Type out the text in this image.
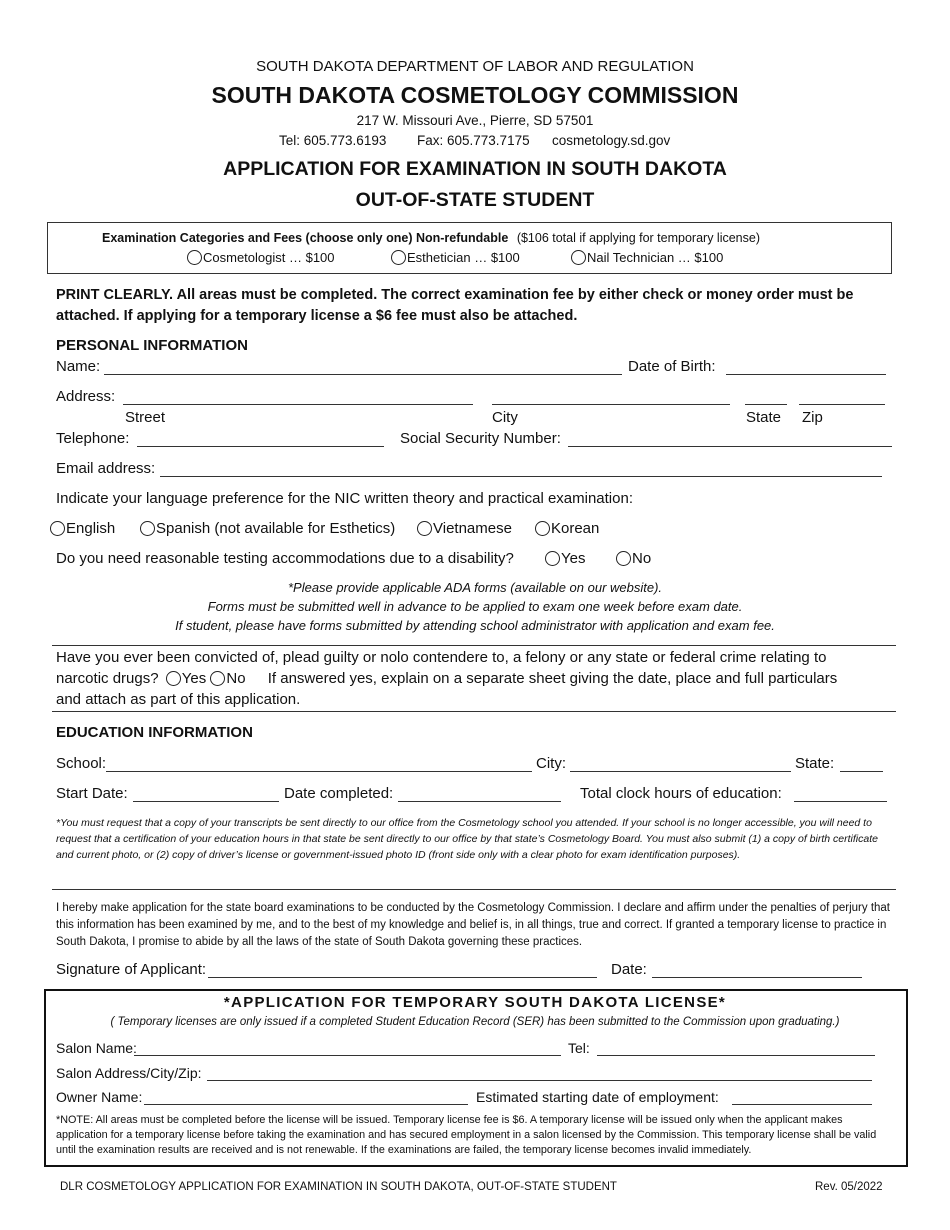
SOUTH DAKOTA DEPARTMENT OF LABOR AND REGULATION
SOUTH DAKOTA COSMETOLOGY COMMISSION
217 W. Missouri Ave., Pierre, SD 57501
Tel: 605.773.6193 Fax: 605.773.7175 cosmetology.sd.gov
APPLICATION FOR EXAMINATION IN SOUTH DAKOTA
OUT-OF-STATE STUDENT
Examination Categories and Fees (choose only one) Non-refundable ($106 total if applying for temporary license)
Cosmetologist … $100	Esthetician … $100	Nail Technician … $100
PRINT CLEARLY. All areas must be completed. The correct examination fee by either check or money order must be
attached. If applying for a temporary license a $6 fee must also be attached.
PERSONAL INFORMATION
Name:	Date of Birth:
Address:
Street	City	State Zip
Telephone:	Social Security Number:
Email address:
Indicate your language preference for the NIC written theory and practical examination:
English	Spanish (not available for Esthetics)	Vietnamese	Korean
Do you need reasonable testing accommodations due to a disability?	Yes	No
*Please provide applicable ADA forms (available on our website).
Forms must be submitted well in advance to be applied to exam one week before exam date.
If student, please have forms submitted by attending school administrator with application and exam fee.
Have you ever been convicted of, plead guilty or nolo contendere to, a felony or any state or federal crime relating to
narcotic drugs? Yes No If answered yes, explain on a separate sheet giving the date, place and full particulars
and attach as part of this application.
EDUCATION INFORMATION
School:	City:	State:
Start Date:	Date completed:	Total clock hours of education:
*You must request that a copy of your transcripts be sent directly to our office from the Cosmetology school you attended. If your school is no longer accessible, you will need to request that a certification of your education hours in that state be sent directly to our office by that state’s Cosmetology Board. You must also submit (1) a copy of birth certificate and current photo, or (2) copy of driver’s license or government-issued photo ID (front side only with a clear photo for exam identification purposes).
I hereby make application for the state board examinations to be conducted by the Cosmetology Commission. I declare and affirm under the penalties of perjury that this information has been examined by me, and to the best of my knowledge and belief is, in all things, true and correct. If granted a temporary license to practice in South Dakota, I promise to abide by all the laws of the state of South Dakota governing these practices.
Signature of Applicant:	Date:
*APPLICATION FOR TEMPORARY SOUTH DAKOTA LICENSE*
( Temporary licenses are only issued if a completed Student Education Record (SER) has been submitted to the Commission upon graduating.)
Salon Name:	Tel:
Salon Address/City/Zip:
Owner Name:	Estimated starting date of employment:
*NOTE: All areas must be completed before the license will be issued. Temporary license fee is $6. A temporary license will be issued only when the applicant makes application for a temporary license before taking the examination and has secured employment in a salon licensed by the Commission. This temporary license shall be valid until the examination results are received and is not renewable. If the examinations are failed, the temporary license becomes invalid immediately.
DLR COSMETOLOGY APPLICATION FOR EXAMINATION IN SOUTH DAKOTA, OUT-OF-STATE STUDENT	Rev. 05/2022
